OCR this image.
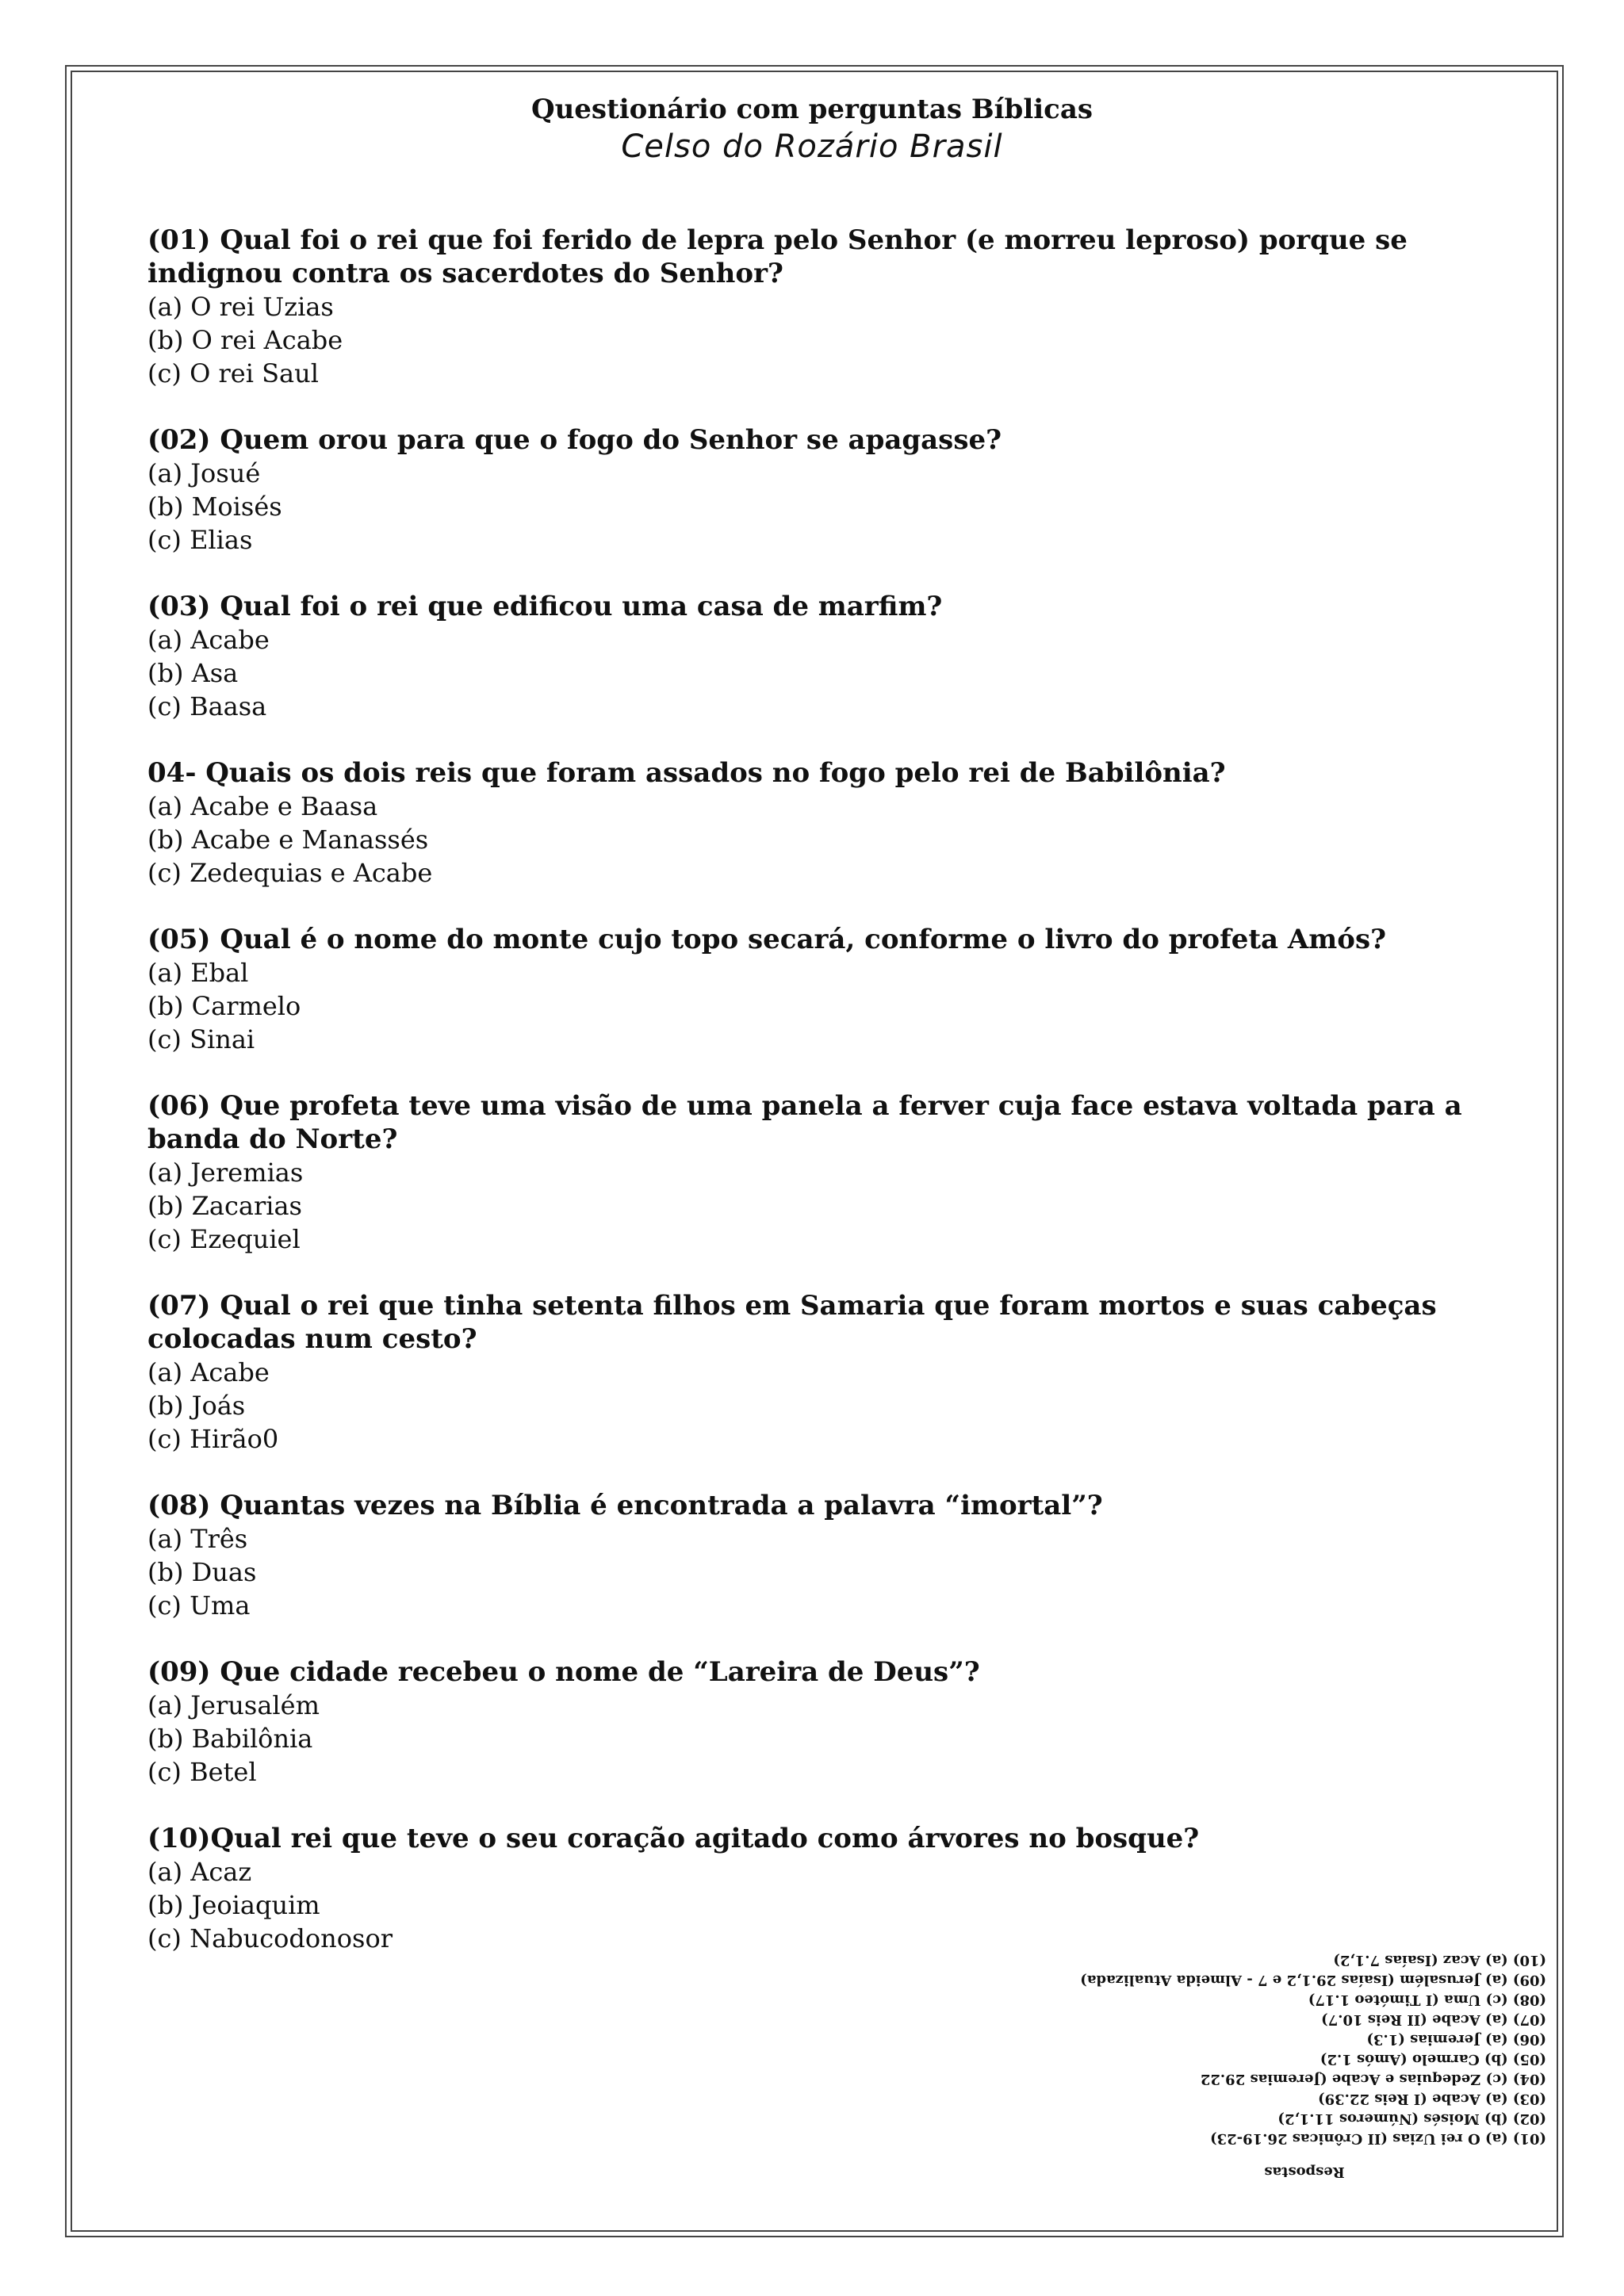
Questionário com perguntas Bíblicas
Celso do Rozário Brasil

(01) Qual foi o rei que foi ferido de lepra pelo Senhor (e morreu leproso) porque se indignou contra os sacerdotes do Senhor?

(a) O rei Uzias

(b) O rei Acabe

(c) O rei Saul

(02) Quem orou para que o fogo do Senhor se apagasse?

(a) Josué

(b) Moisés

(c) Elias

(03) Qual foi o rei que edificou uma casa de marfim?

(a) Acabe

(b) Asa

(c) Baasa

04- Quais os dois reis que foram assados no fogo pelo rei de Babilônia?

(a) Acabe e Baasa

(b) Acabe e Manassés

(c) Zedequias e Acabe

(05) Qual é o nome do monte cujo topo secará, conforme o livro do profeta Amós?

(a) Ebal

(b) Carmelo

(c) Sinai

(06) Que profeta teve uma visão de uma panela a ferver cuja face estava voltada para a banda do Norte?

(a) Jeremias

(b) Zacarias

(c) Ezequiel

(07) Qual o rei que tinha setenta filhos em Samaria que foram mortos e suas cabeças colocadas num cesto?

(a) Acabe

(b) Joás

(c) Hirão0

(08) Quantas vezes na Bíblia é encontrada a palavra “imortal”?

(a) Três

(b) Duas

(c) Uma

(09) Que cidade recebeu o nome de “Lareira de Deus”?

(a) Jerusalém

(b) Babilônia

(c) Betel

(10)Qual rei que teve o seu coração agitado como árvores no bosque?

(a) Acaz

(b) Jeoiaquim

(c) Nabucodonosor

Respostas

(01) (a) O rei Uzias (II Crônicas 26.19-23)

(02) (b) Moisés (Números 11.1,2)

(03) (a) Acabe (I Reis 22.39)

(04) (c) Zedequias e Acabe (Jeremias 29.22

(05) (b) Carmelo (Amós 1.2)

(06) (a) Jeremias (1.3)

(07) (a) Acabe (II Reis 10.7)

(08) (c) Uma (I Timóteo 1.17)

(09) (a) Jerusalém (Isaías 29.1,2 e 7 - Almeida Atualizada)

(10) (a) Acaz (Isaías 7.1,2)
